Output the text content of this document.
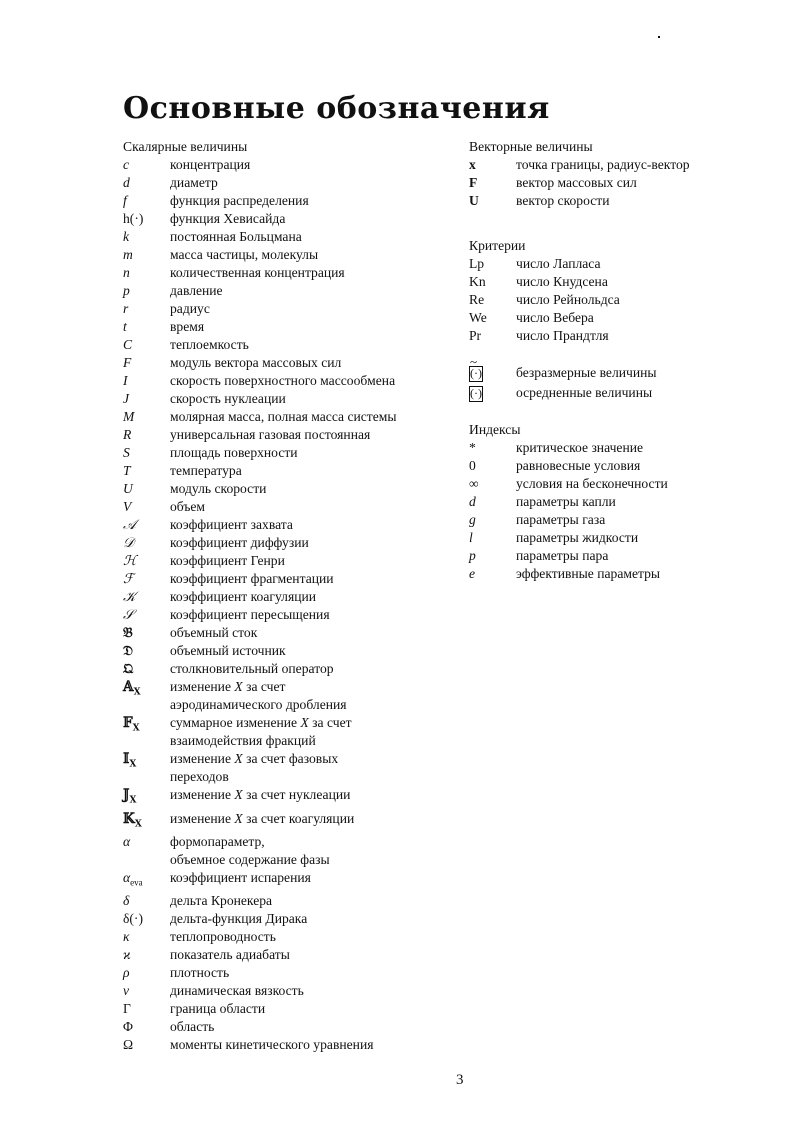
Основные обозначения
Скалярные величины
c	концентрация
d	диаметр
f	функция распределения
h(·)	функция Хевисайда
k	постоянная Больцмана
m	масса частицы, молекулы
n	количественная концентрация
p	давление
r	радиус
t	время
C	теплоемкость
F	модуль вектора массовых сил
I	скорость поверхностного массообмена
J	скорость нуклеации
M	молярная масса, полная масса системы
R	универсальная газовая постоянная
S	площадь поверхности
T	температура
U	модуль скорости
V	объем
𝒜	коэффициент захвата
𝒟	коэффициент диффузии
ℋ	коэффициент Генри
ℱ	коэффициент фрагментации
𝒦	коэффициент коагуляции
𝒮	коэффициент пересыщения
𝔅	объемный сток
𝔇	объемный источник
𝔔	столкновительный оператор
𝔸$_X$	изменение X за счет
аэродинамического дробления
𝔽$_X$	суммарное изменение X за счет
взаимодействия фракций
𝕀$_X$	изменение X за счет фазовых
переходов
𝕁$_X$	изменение X за счет нуклеации
𝕂$_X$	изменение X за счет коагуляции
α	формопараметр,
объемное содержание фазы
$\alpha_{eva}$	коэффициент испарения
δ	дельта Кронекера
δ(·)	дельта-функция Дирака
κ	теплопроводность
ϰ	показатель адиабаты
ρ	плотность
ν	динамическая вязкость
Γ	граница области
Φ	область
Ω	моменты кинетического уравнения
Векторные величины
x	точка границы, радиус-вектор
F	вектор массовых сил
U	вектор скорости
Критерии
Lp	число Лапласа
Kn	число Кнудсена
Re	число Рейнольдса
We	число Вебера
Pr	число Прандтля
~ (·)	безразмерные величины
(·)	осредненные величины
Индексы
*	критическое значение
0	равновесные условия
∞	условия на бесконечности
d	параметры капли
g	параметры газа
l	параметры жидкости
p	параметры пара
e	эффективные параметры
3
